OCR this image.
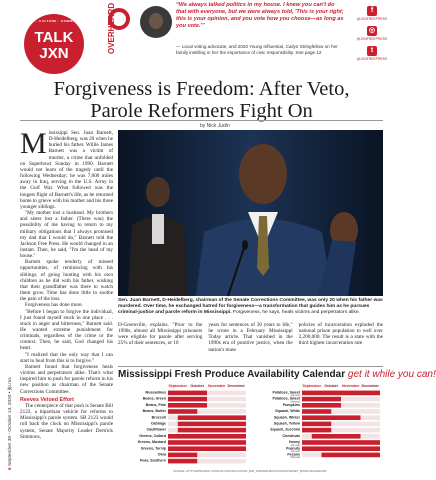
NEWS · CULTURE · COMMUNITY
TALK
JXN	OVERHEARD	“We always talked politics in my house. I knew you can't do that with everyone, but we were always told, 'This is your right; this is your opinion, and you vote how you choose—as long as you vote.'”
— Local voting advocate, and 2020 Young Influential, Cailyn Stringfellow on her family instilling in her the importance of civic responsibility. See page 12
f
@JXNFREEPRESS
◎
@JXNFREEPRESS
t
@JXNFREEPRESS
Forgiveness is Freedom: After Veto,
Parole Reformers Fight On
by Nick Judin

Mississippi Sen. Juan Barnett, D-Heidelberg, was 20 when he buried his father. Willie James Barnett was a victim of murder, a crime that unfolded on Superbowl Sunday in 1990. Barnett would not learn of the tragedy until the following Wednesday; he was 7,000 miles away in Iraq, serving in the U.S. Army in the Gulf War. What followed was the longest flight of Barnett's life, as he returned home to grieve with his mother and his three younger siblings.

"My mother lost a husband. My brothers and sister lost a father. (There was) the possibility of me having to return to my military obligations that I always promised my dad that I would do," Barnett told the Jackson Free Press. He would changed in an instant. Then, he said, "I'm the head of my house."

Barnett spoke tenderly of missed opportunities, of reminiscing with his siblings, of going hunting with his own children as he did with his father, wishing that their grandfather was there to watch them grow. Time has done little to soothe the pain of the loss.

Forgiveness has done more.

"Before I began to forgive the individual, I just found myself stuck in one place . . . stuck in anger and bitterness," Barnett said. He wanted extreme punishment for criminals, regardless of the crime or the context. Then, he said, God changed his heart.

"I realized that the only way that I can start to heal from this is to forgive."

Barnett found that forgiveness heals victims and perpetrators alike. That's what inspired him to push for parole reform in his new position as chairman of the Senate Corrections Committee.

Reeves Vetoed Effort

The centerpiece of that push is Senate Bill 2123, a bipartisan vehicle for reforms to Mississippi's parole system. SB 2123 would roll back the clock on Mississippi's parole system, Senate Majority Leader Dertrick Simmons,

6 September 30 - October 13, 2020 • jfp.ms
Sen. Juan Barnett, D-Heidelberg, chairman of the Senate Corrections Committee, was only 20 when his father was murdered. Over time, he exchanged hatred for forgiveness—a transformation that guides him as he pursues criminal-justice and parole reform in Mississippi. Forgiveness, he says, heals victims and perpetrators alike.
D-Greenville, explains. "Prior to the 1990s, almost all Mississippi prisoners were eligible for parole after serving 25% of their sentences, or 10
years for sentences of 30 years to life," he wrote in a February Mississippi Today article. That vanished in the 1990s era of punitive justice, when the nation's mass
policies of incarceration exploded the national prison population to well over 2,200,000. The result is a state with the third highest incarceration rate
Mississippi Fresh Produce Availability Calendar get it while you can!
September October November December
Muscadines
Beans, Green
Beans, Pole
Beans, Butter
Broccoli
Cabbage
Cauliflower
Greens, Collard
Greens, Mustard
Greens, Turnip
Okra
Peas, Southern
September October November December
Potatoes, Sweet
(all year)
Potatoes, Sweet
(Harvest)
Pumpkins
Squash, White
Squash, Winter
Squash, Yellow
Squash, Zucchini
Chestnuts
Honey
(all year)
Peanuts
(all year)
Pecans
(Harvest)
SOURCE: HTTP://WWW.MDAC.STATE.MS.US/PUBLICATIONS_AND_FORMS/PUBLICATIONS/INTERNET_PRODUCEGUIDE.PDF
